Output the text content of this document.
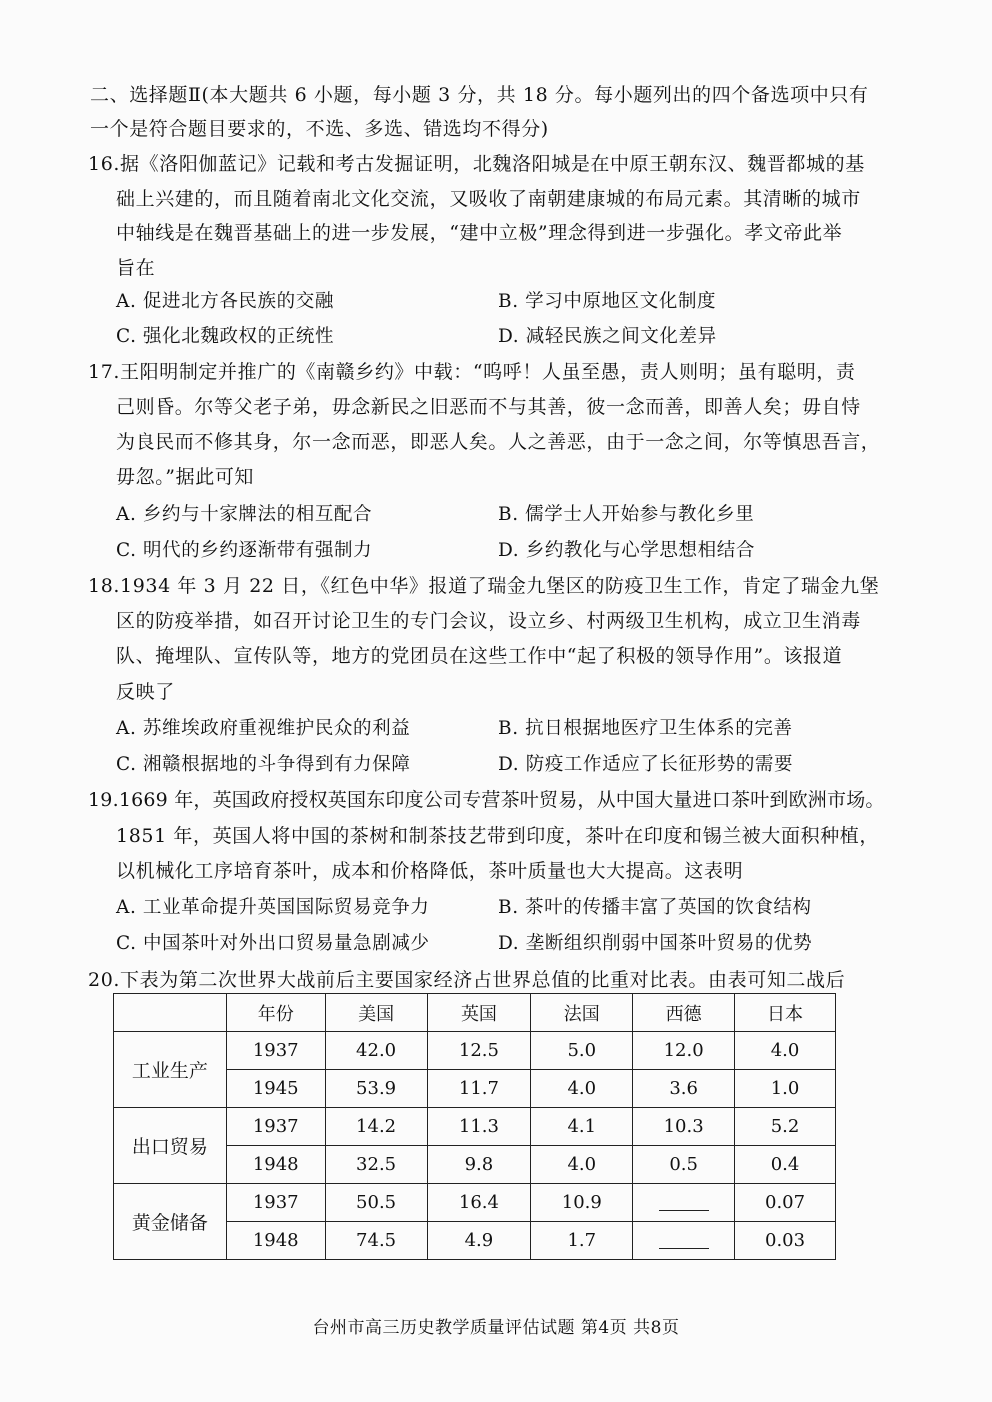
二、选择题Ⅱ(本大题共 6 小题，每小题 3 分，共 18 分。每小题列出的四个备选项中只有
一个是符合题目要求的，不选、多选、错选均不得分)
16.据《洛阳伽蓝记》记载和考古发掘证明，北魏洛阳城是在中原王朝东汉、魏晋都城的基
础上兴建的，而且随着南北文化交流，又吸收了南朝建康城的布局元素。其清晰的城市
中轴线是在魏晋基础上的进一步发展，“建中立极”理念得到进一步强化。孝文帝此举
旨在
A. 促进北方各民族的交融	B. 学习中原地区文化制度
C. 强化北魏政权的正统性	D. 减轻民族之间文化差异
17.王阳明制定并推广的《南赣乡约》中载：“呜呼！人虽至愚，责人则明；虽有聪明，责
己则昏。尔等父老子弟，毋念新民之旧恶而不与其善，彼一念而善，即善人矣；毋自恃
为良民而不修其身，尔一念而恶，即恶人矣。人之善恶，由于一念之间，尔等慎思吾言，
毋忽。”据此可知
A. 乡约与十家牌法的相互配合	B. 儒学士人开始参与教化乡里
C. 明代的乡约逐渐带有强制力	D. 乡约教化与心学思想相结合
18.1934 年 3 月 22 日，《红色中华》报道了瑞金九堡区的防疫卫生工作，肯定了瑞金九堡
区的防疫举措，如召开讨论卫生的专门会议，设立乡、村两级卫生机构，成立卫生消毒
队、掩埋队、宣传队等，地方的党团员在这些工作中“起了积极的领导作用”。该报道
反映了
A. 苏维埃政府重视维护民众的利益	B. 抗日根据地医疗卫生体系的完善
C. 湘赣根据地的斗争得到有力保障	D. 防疫工作适应了长征形势的需要
19.1669 年，英国政府授权英国东印度公司专营茶叶贸易，从中国大量进口茶叶到欧洲市场。
1851 年，英国人将中国的茶树和制茶技艺带到印度，茶叶在印度和锡兰被大面积种植，
以机械化工序培育茶叶，成本和价格降低，茶叶质量也大大提高。这表明
A. 工业革命提升英国国际贸易竞争力	B. 茶叶的传播丰富了英国的饮食结构
C. 中国茶叶对外出口贸易量急剧减少	D. 垄断组织削弱中国茶叶贸易的优势
20.下表为第二次世界大战前后主要国家经济占世界总值的比重对比表。由表可知二战后
	年份	美国	英国	法国	西德	日本
工业生产	1937	42.0	12.5	5.0	12.0	4.0
	1945	53.9	11.7	4.0	3.6	1.0
出口贸易	1937	14.2	11.3	4.1	10.3	5.2
	1948	32.5	9.8	4.0	0.5	0.4
黄金储备	1937	50.5	16.4	10.9		0.07
	1948	74.5	4.9	1.7		0.03
台州市高三历史教学质量评估试题 第4页 共8页
